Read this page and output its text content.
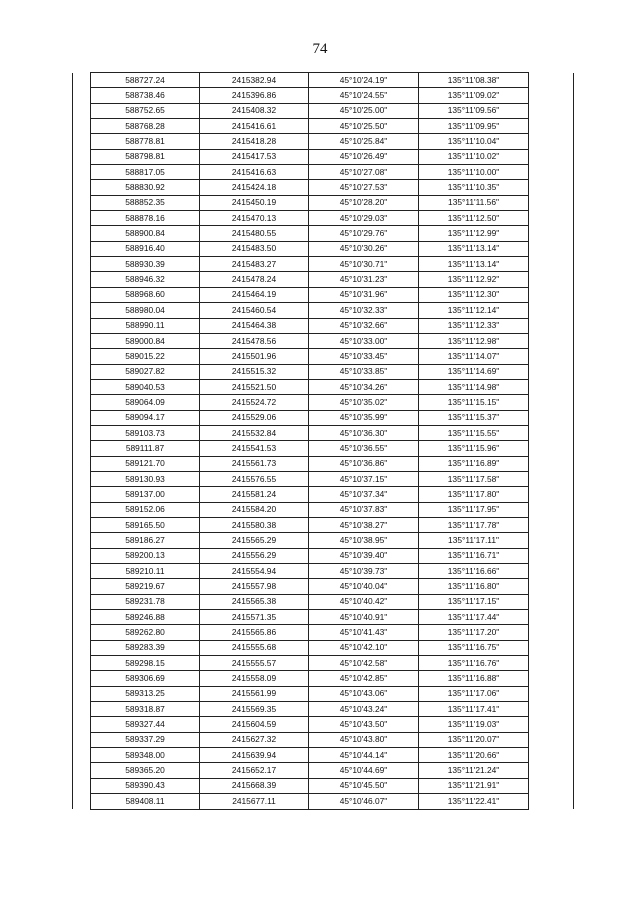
74
	588727.24	2415382.94	45°10'24.19"	135°11'08.38"	
	588738.46	2415396.86	45°10'24.55"	135°11'09.02"	
	588752.65	2415408.32	45°10'25.00"	135°11'09.56"	
	588768.28	2415416.61	45°10'25.50"	135°11'09.95"	
	588778.81	2415418.28	45°10'25.84"	135°11'10.04"	
	588798.81	2415417.53	45°10'26.49"	135°11'10.02"	
	588817.05	2415416.63	45°10'27.08"	135°11'10.00"	
	588830.92	2415424.18	45°10'27.53"	135°11'10.35"	
	588852.35	2415450.19	45°10'28.20"	135°11'11.56"	
	588878.16	2415470.13	45°10'29.03"	135°11'12.50"	
	588900.84	2415480.55	45°10'29.76"	135°11'12.99"	
	588916.40	2415483.50	45°10'30.26"	135°11'13.14"	
	588930.39	2415483.27	45°10'30.71"	135°11'13.14"	
	588946.32	2415478.24	45°10'31.23"	135°11'12.92"	
	588968.60	2415464.19	45°10'31.96"	135°11'12.30"	
	588980.04	2415460.54	45°10'32.33"	135°11'12.14"	
	588990.11	2415464.38	45°10'32.66"	135°11'12.33"	
	589000.84	2415478.56	45°10'33.00"	135°11'12.98"	
	589015.22	2415501.96	45°10'33.45"	135°11'14.07"	
	589027.82	2415515.32	45°10'33.85"	135°11'14.69"	
	589040.53	2415521.50	45°10'34.26"	135°11'14.98"	
	589064.09	2415524.72	45°10'35.02"	135°11'15.15"	
	589094.17	2415529.06	45°10'35.99"	135°11'15.37"	
	589103.73	2415532.84	45°10'36.30"	135°11'15.55"	
	589111.87	2415541.53	45°10'36.55"	135°11'15.96"	
	589121.70	2415561.73	45°10'36.86"	135°11'16.89"	
	589130.93	2415576.55	45°10'37.15"	135°11'17.58"	
	589137.00	2415581.24	45°10'37.34"	135°11'17.80"	
	589152.06	2415584.20	45°10'37.83"	135°11'17.95"	
	589165.50	2415580.38	45°10'38.27"	135°11'17.78"	
	589186.27	2415565.29	45°10'38.95"	135°11'17.11"	
	589200.13	2415556.29	45°10'39.40"	135°11'16.71"	
	589210.11	2415554.94	45°10'39.73"	135°11'16.66"	
	589219.67	2415557.98	45°10'40.04"	135°11'16.80"	
	589231.78	2415565.38	45°10'40.42"	135°11'17.15"	
	589246.88	2415571.35	45°10'40.91"	135°11'17.44"	
	589262.80	2415565.86	45°10'41.43"	135°11'17.20"	
	589283.39	2415555.68	45°10'42.10"	135°11'16.75"	
	589298.15	2415555.57	45°10'42.58"	135°11'16.76"	
	589306.69	2415558.09	45°10'42.85"	135°11'16.88"	
	589313.25	2415561.99	45°10'43.06"	135°11'17.06"	
	589318.87	2415569.35	45°10'43.24"	135°11'17.41"	
	589327.44	2415604.59	45°10'43.50"	135°11'19.03"	
	589337.29	2415627.32	45°10'43.80"	135°11'20.07"	
	589348.00	2415639.94	45°10'44.14"	135°11'20.66"	
	589365.20	2415652.17	45°10'44.69"	135°11'21.24"	
	589390.43	2415668.39	45°10'45.50"	135°11'21.91"	
	589408.11	2415677.11	45°10'46.07"	135°11'22.41"	
